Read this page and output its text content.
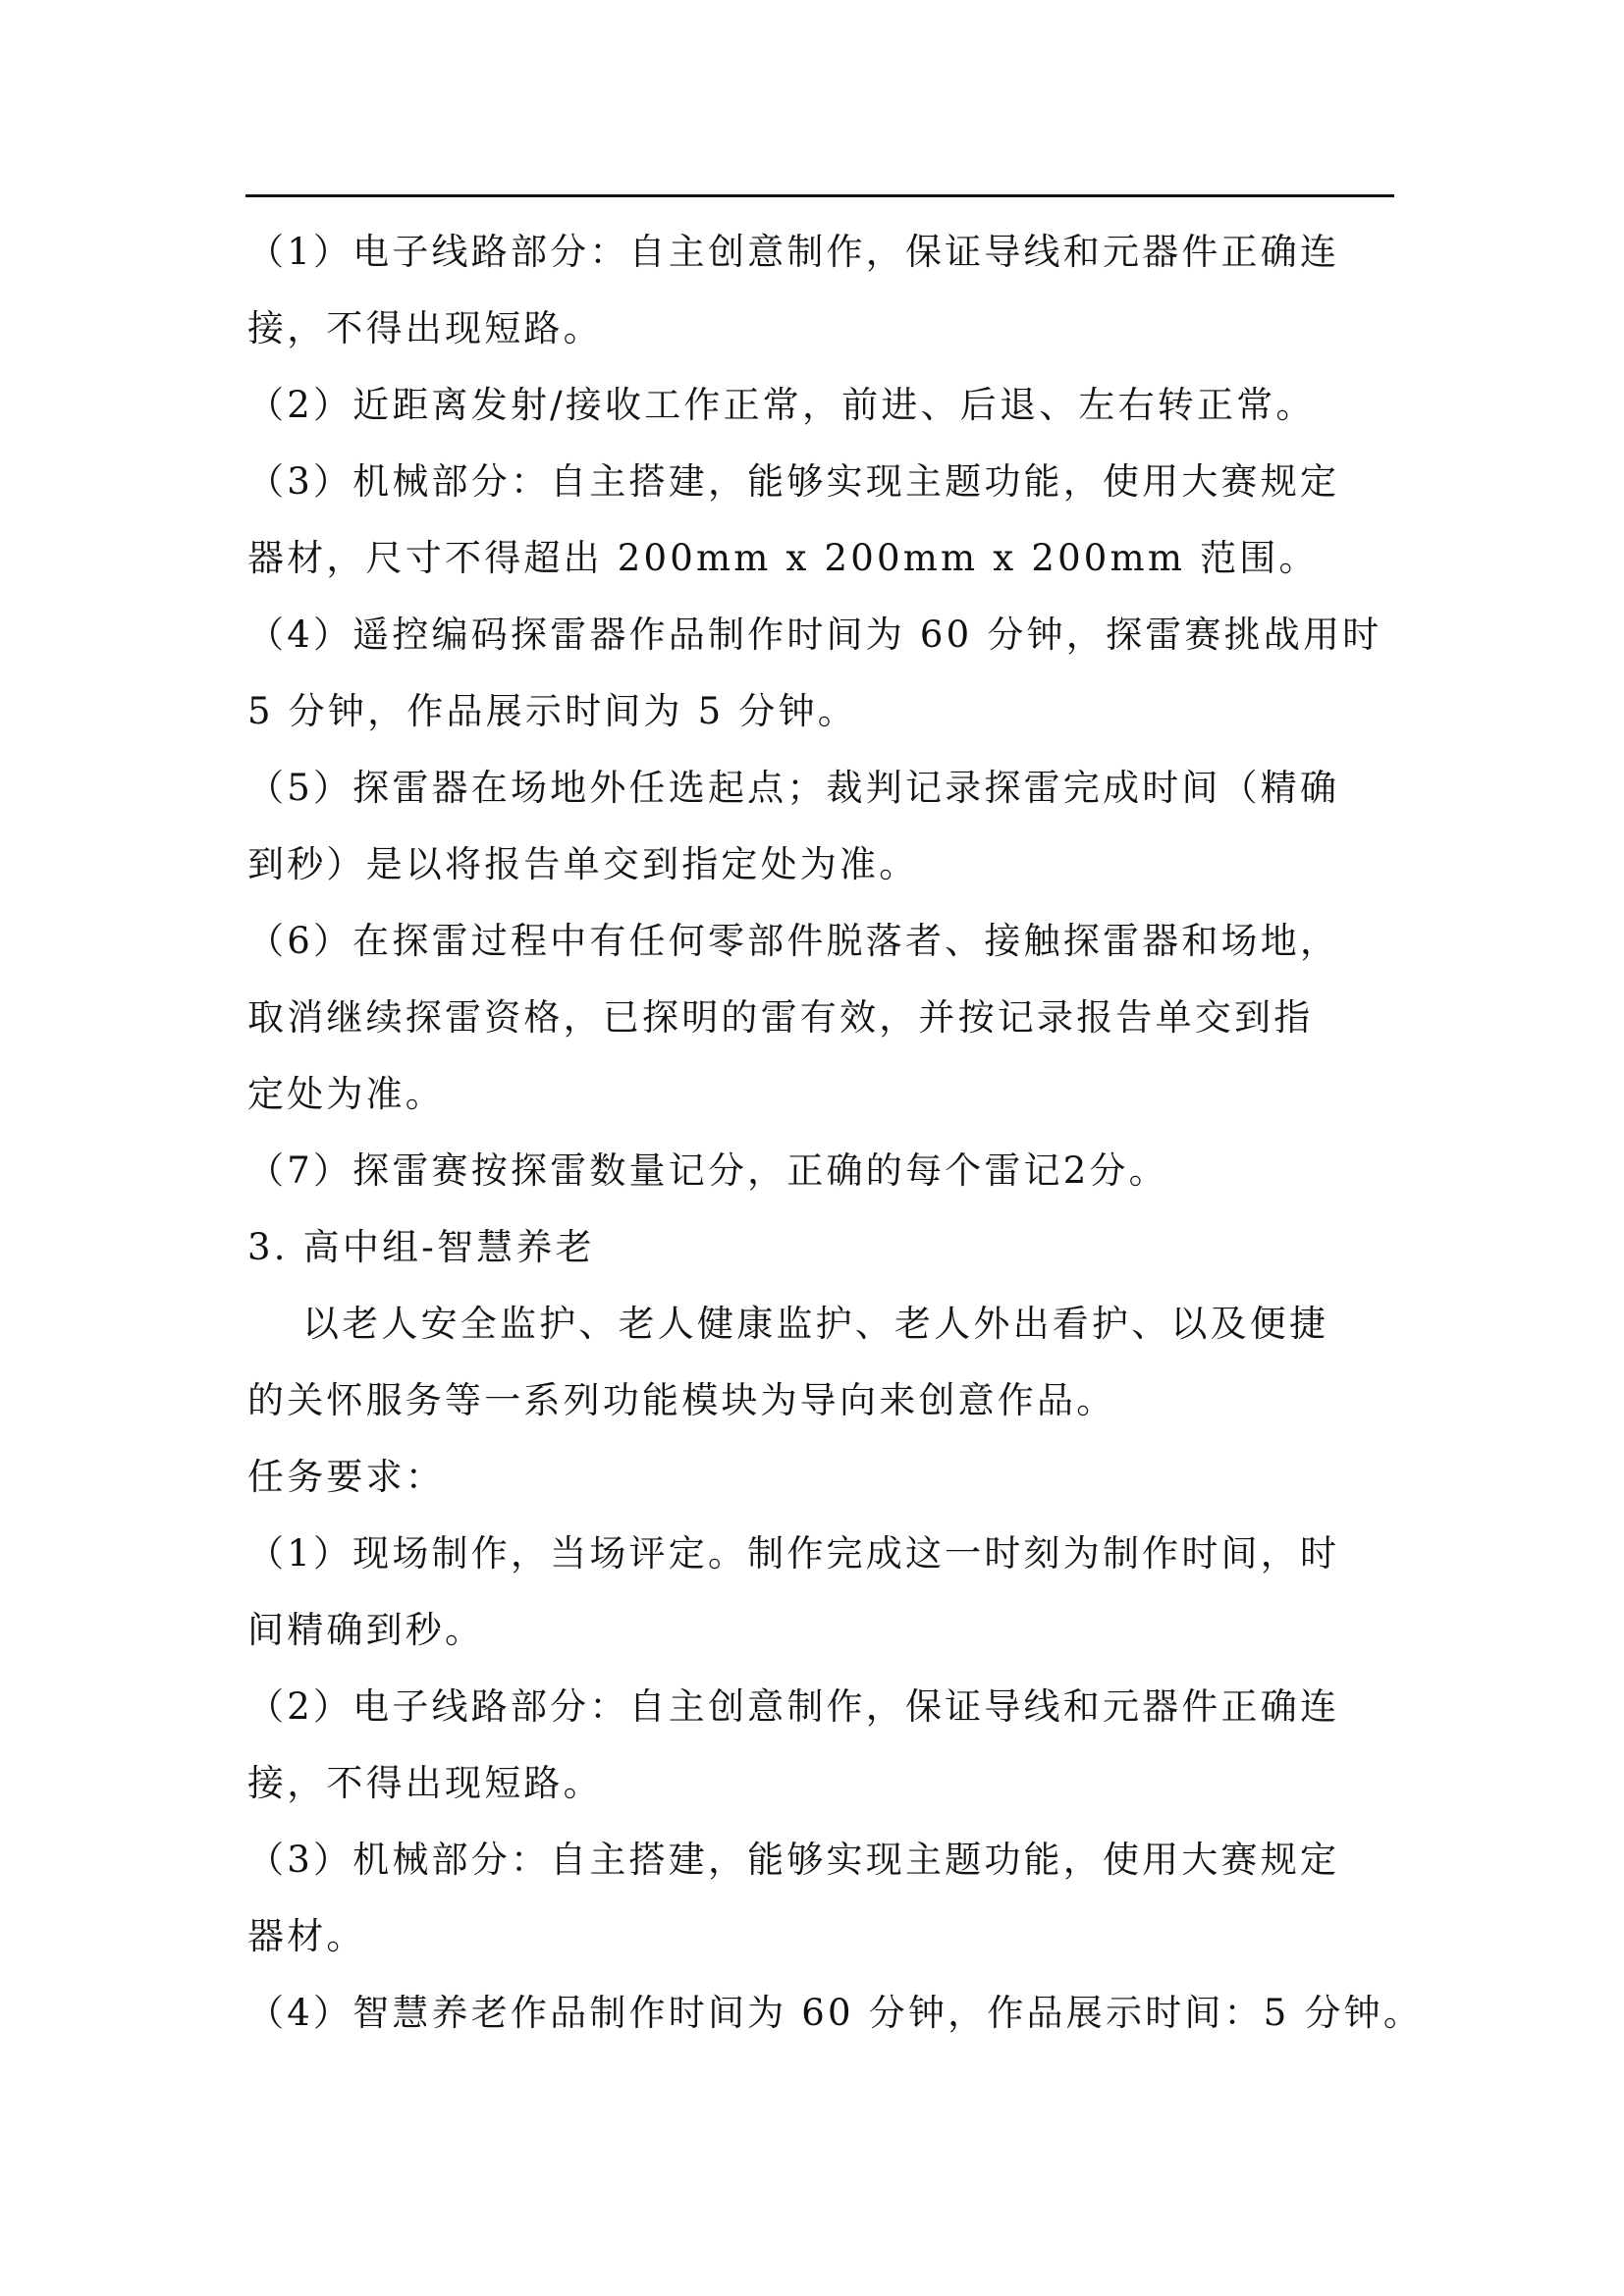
（1）电子线路部分：自主创意制作，保证导线和元器件正确连
接，不得出现短路。
（2）近距离发射/接收工作正常，前进、后退、左右转正常。
（3）机械部分：自主搭建，能够实现主题功能，使用大赛规定
器材，尺寸不得超出 200mm x 200mm x 200mm 范围。
（4）遥控编码探雷器作品制作时间为 60 分钟，探雷赛挑战用时
5 分钟，作品展示时间为 5 分钟。
（5）探雷器在场地外任选起点；裁判记录探雷完成时间（精确
到秒）是以将报告单交到指定处为准。
（6）在探雷过程中有任何零部件脱落者、接触探雷器和场地，
取消继续探雷资格，已探明的雷有效，并按记录报告单交到指
定处为准。
（7）探雷赛按探雷数量记分，正确的每个雷记2分。
3. 高中组-智慧养老
以老人安全监护、老人健康监护、老人外出看护、以及便捷
的关怀服务等一系列功能模块为导向来创意作品。
任务要求：
（1）现场制作，当场评定。制作完成这一时刻为制作时间，时
间精确到秒。
（2）电子线路部分：自主创意制作，保证导线和元器件正确连
接，不得出现短路。
（3）机械部分：自主搭建，能够实现主题功能，使用大赛规定
器材。
（4）智慧养老作品制作时间为 60 分钟，作品展示时间：5 分钟。
